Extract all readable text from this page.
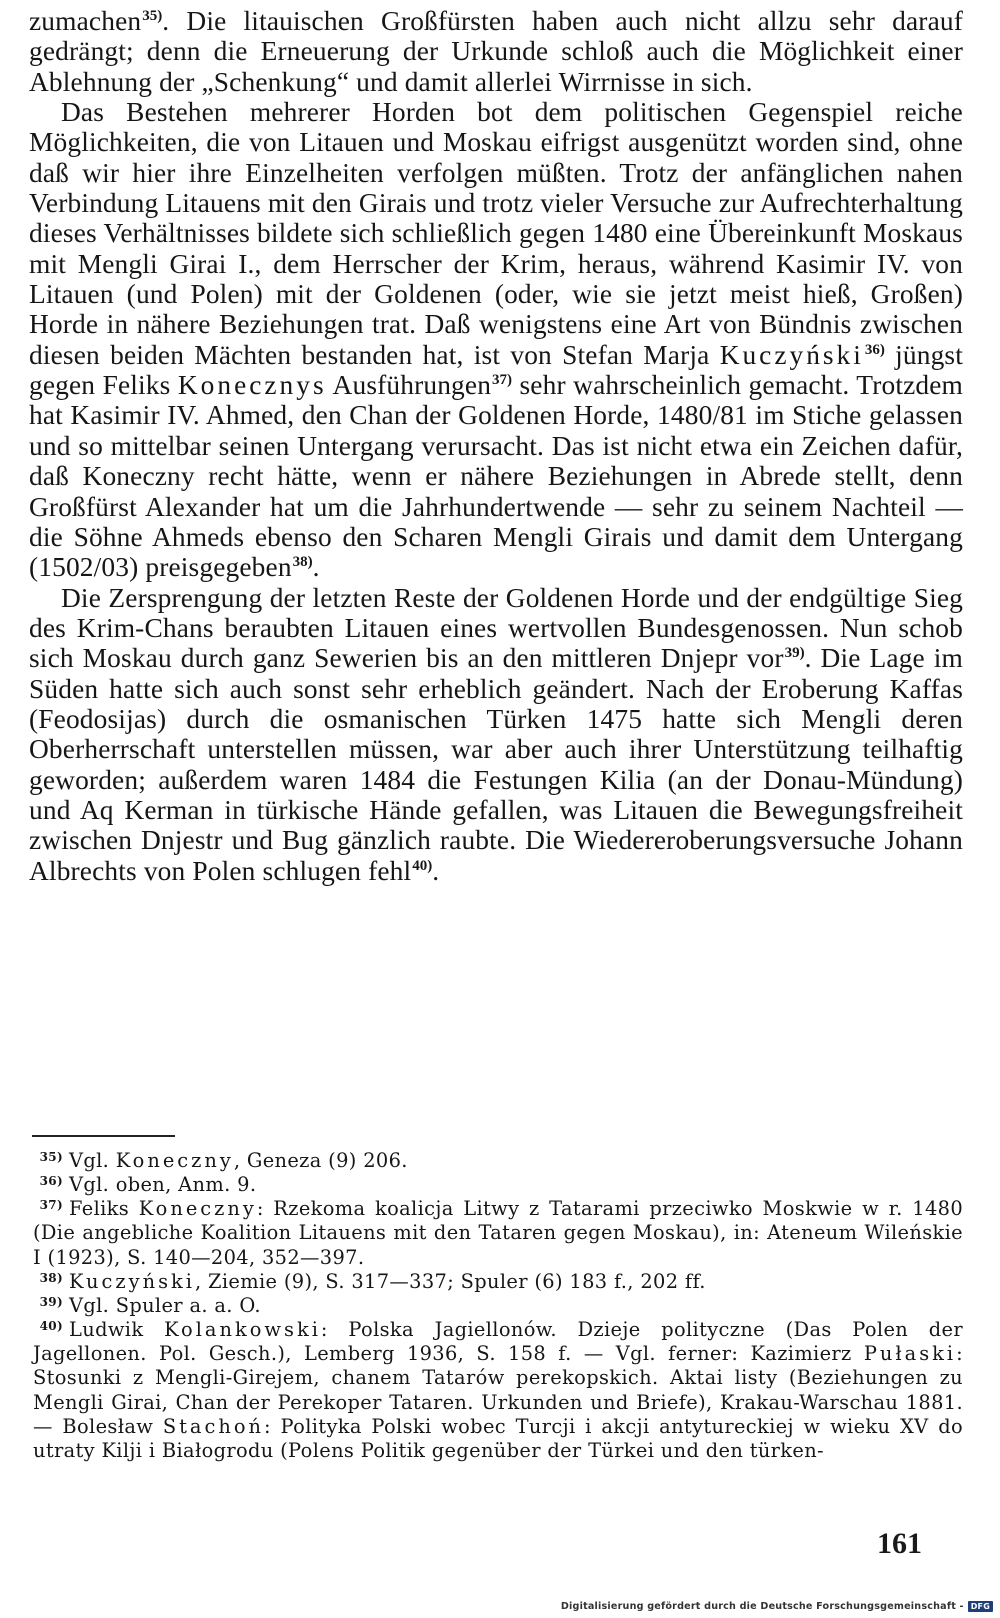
zumachen$^{35)}$. Die litauischen Großfürsten haben auch nicht allzu sehr darauf gedrängt; denn die Erneuerung der Urkunde schloß auch die Möglichkeit einer Ablehnung der „Schenkung“ und damit allerlei Wirrnisse in sich.

Das Bestehen mehrerer Horden bot dem politischen Gegenspiel reiche Möglichkeiten, die von Litauen und Moskau eifrigst ausgenützt worden sind, ohne daß wir hier ihre Einzelheiten verfolgen müßten. Trotz der anfänglichen nahen Verbindung Litauens mit den Girais und trotz vieler Versuche zur Aufrechterhaltung dieses Verhältnisses bildete sich schließlich gegen 1480 eine Übereinkunft Moskaus mit Mengli Girai I., dem Herrscher der Krim, heraus, während Kasimir IV. von Litauen (und Polen) mit der Goldenen (oder, wie sie jetzt meist hieß, Großen) Horde in nähere Beziehungen trat. Daß wenigstens eine Art von Bündnis zwischen diesen beiden Mächten bestanden hat, ist von Stefan Marja Kuczyński$^{36)}$ jüngst gegen Feliks Konecznys Ausführungen$^{37)}$ sehr wahrscheinlich gemacht. Trotzdem hat Kasimir IV. Ahmed, den Chan der Goldenen Horde, 1480/81 im Stiche gelassen und so mittelbar seinen Untergang verursacht. Das ist nicht etwa ein Zeichen dafür, daß Koneczny recht hätte, wenn er nähere Beziehungen in Abrede stellt, denn Großfürst Alexander hat um die Jahrhundertwende — sehr zu seinem Nachteil — die Söhne Ahmeds ebenso den Scharen Mengli Girais und damit dem Untergang (1502/03) preisgegeben$^{38)}$.

Die Zersprengung der letzten Reste der Goldenen Horde und der endgültige Sieg des Krim-Chans beraubten Litauen eines wertvollen Bundesgenossen. Nun schob sich Moskau durch ganz Sewerien bis an den mittleren Dnjepr vor$^{39)}$. Die Lage im Süden hatte sich auch sonst sehr erheblich geändert. Nach der Eroberung Kaffas (Feodosijas) durch die osmanischen Türken 1475 hatte sich Mengli deren Oberherrschaft unterstellen müssen, war aber auch ihrer Unterstützung teilhaftig geworden; außerdem waren 1484 die Festungen Kilia (an der Donau-Mündung) und Aq Kerman in türkische Hände gefallen, was Litauen die Bewegungsfreiheit zwischen Dnjestr und Bug gänzlich raubte. Die Wiedereroberungsversuche Johann Albrechts von Polen schlugen fehl$^{40)}$.

$^{35)}$ Vgl. Koneczny, Geneza (9) 206.

$^{36)}$ Vgl. oben, Anm. 9.

$^{37)}$ Feliks Koneczny: Rzekoma koalicja Litwy z Tatarami przeciwko Moskwie w r. 1480 (Die angebliche Koalition Litauens mit den Tataren gegen Moskau), in: Ateneum Wileńskie I (1923), S. 140—204, 352—397.

$^{38)}$ Kuczyński, Ziemie (9), S. 317—337; Spuler (6) 183 f., 202 ff.

$^{39)}$ Vgl. Spuler a. a. O.

$^{40)}$ Ludwik Kolankowski: Polska Jagiellonów. Dzieje polityczne (Das Polen der Jagellonen. Pol. Gesch.), Lemberg 1936, S. 158 f. — Vgl. ferner: Kazimierz Pułaski: Stosunki z Mengli-Girejem, chanem Tatarów perekopskich. Aktai listy (Beziehungen zu Mengli Girai, Chan der Perekoper Tataren. Urkunden und Briefe), Krakau-Warschau 1881. — Bolesław Stachoń: Polityka Polski wobec Turcji i akcji antytureckiej w wieku XV do utraty Kilji i Białogrodu (Polens Politik gegenüber der Türkei und den türken-

161
Digitalisierung gefördert durch die Deutsche Forschungsgemeinschaft - DFG
